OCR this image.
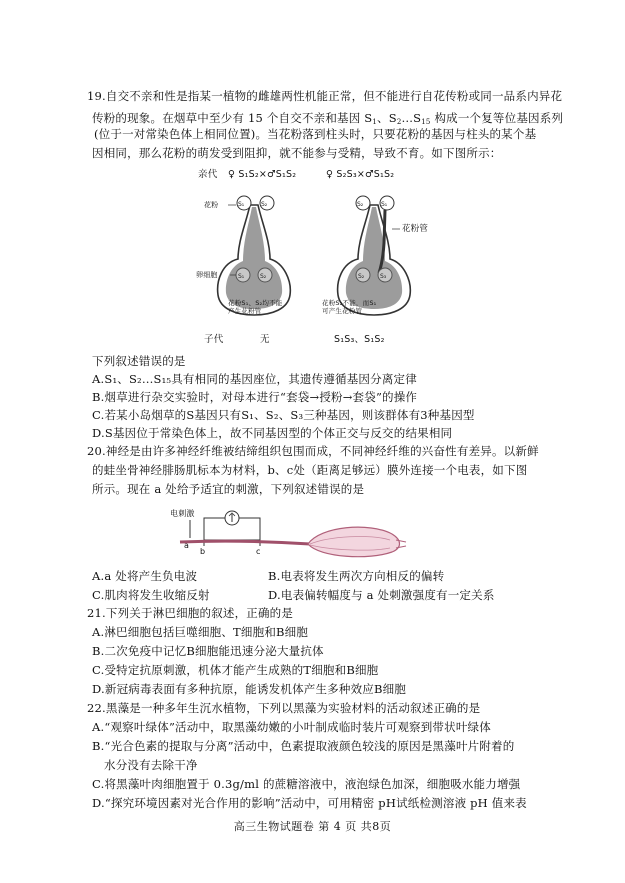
19.自交不亲和性是指某一植物的雌雄两性机能正常，但不能进行自花传粉或同一品系内异花
传粉的现象。在烟草中至少有 15 个自交不亲和基因 $S_1$、$S_2\dots S_{15}$ 构成一个复等位基因系列
(位于一对常染色体上相同位置)。当花粉落到柱头时，只要花粉的基因与柱头的某个基
因相同，那么花粉的萌发受到阻抑，就不能参与受精，导致不育。如下图所示：
S₁	S₂
S₁	S₂
S₂	S₁
S₂	S₃
亲代 ♀ S₁S₂×♂S₁S₂	♀ S₂S₃×♂S₁S₂
花粉
卵细胞
花粉管
花粉S₁、S₂均不能
产生花粉管
花粉S₂不能，而S₁
可产生花粉管
子代	无	S₁S₃、S₁S₂
下列叙述错误的是
A.S₁、S₂…S₁₅具有相同的基因座位，其遗传遵循基因分离定律
B.烟草进行杂交实验时，对母本进行“套袋→授粉→套袋”的操作
C.若某小岛烟草的S基因只有S₁、S₂、S₃三种基因，则该群体有3种基因型
D.S基因位于常染色体上，故不同基因型的个体正交与反交的结果相同
20.神经是由许多神经纤维被结缔组织包围而成，不同神经纤维的兴奋性有差异。以新鲜
的蛙坐骨神经腓肠肌标本为材料，b、c处（距离足够远）膜外连接一个电表，如下图
所示。现在 a 处给予适宜的刺激，下列叙述错误的是
电刺激
a
b	c
A.a 处将产生负电波	B.电表将发生两次方向相反的偏转
C.肌肉将发生收缩反射	D.电表偏转幅度与 a 处刺激强度有一定关系
21.下列关于淋巴细胞的叙述，正确的是
A.淋巴细胞包括巨噬细胞、T细胞和B细胞
B.二次免疫中记忆B细胞能迅速分泌大量抗体
C.受特定抗原刺激，机体才能产生成熟的T细胞和B细胞
D.新冠病毒表面有多种抗原，能诱发机体产生多种效应B细胞
22.黑藻是一种多年生沉水植物，下列以黑藻为实验材料的活动叙述正确的是
A.“观察叶绿体”活动中，取黑藻幼嫩的小叶制成临时装片可观察到带状叶绿体
B.“光合色素的提取与分离”活动中，色素提取液颜色较浅的原因是黑藻叶片附着的
水分没有去除干净
C.将黑藻叶肉细胞置于 0.3g/ml 的蔗糖溶液中，液泡绿色加深，细胞吸水能力增强
D.“探究环境因素对光合作用的影响”活动中，可用精密 pH试纸检测溶液 pH 值来表
高三生物试题卷 第 4 页 共8页
